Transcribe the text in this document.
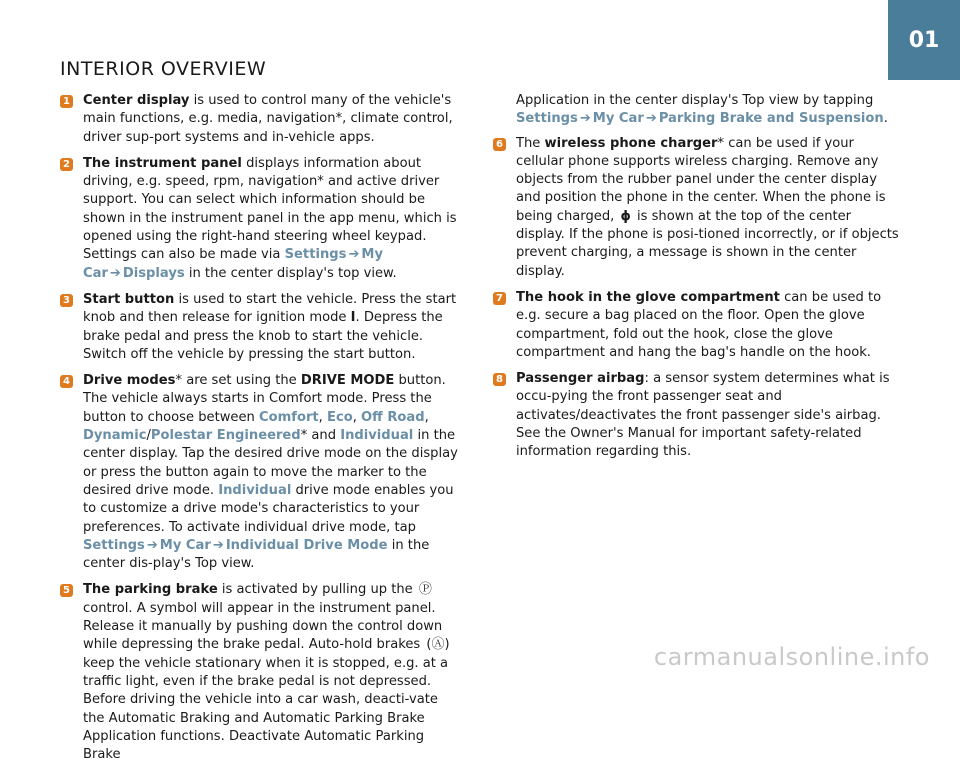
01
INTERIOR OVERVIEW
1 Center display is used to control many of the vehicle's main functions, e.g. media, navigation*, climate control, driver sup-port systems and in-vehicle apps.
2 The instrument panel displays information about driving, e.g. speed, rpm, navigation* and active driver support. You can select which information should be shown in the instrument panel in the app menu, which is opened using the right-hand steering wheel keypad. Settings can also be made via Settings ➔ My Car ➔ Displays in the center display's top view.
3 Start button is used to start the vehicle. Press the start knob and then release for ignition mode I. Depress the brake pedal and press the knob to start the vehicle. Switch off the vehicle by pressing the start button.
4 Drive modes* are set using the DRIVE MODE button. The vehicle always starts in Comfort mode. Press the button to choose between Comfort, Eco, Off Road, Dynamic/Polestar Engineered* and Individual in the center display. Tap the desired drive mode on the display or press the button again to move the marker to the desired drive mode. Individual drive mode enables you to customize a drive mode's characteristics to your preferences. To activate individual drive mode, tap Settings ➔ My Car ➔ Individual Drive Mode in the center dis-play's Top view.
5 The parking brake is activated by pulling up the Ⓟ control. A symbol will appear in the instrument panel. Release it manually by pushing down the control down while depressing the brake pedal. Auto-hold brakes (Ⓐ) keep the vehicle stationary when it is stopped, e.g. at a traffic light, even if the brake pedal is not depressed. Before driving the vehicle into a car wash, deacti-vate the Automatic Braking and Automatic Parking Brake Application functions. Deactivate Automatic Parking Brake
Application in the center display's Top view by tapping
Settings ➔ My Car ➔ Parking Brake and Suspension.
6 The wireless phone charger* can be used if your cellular phone supports wireless charging. Remove any objects from the rubber panel under the center display and position the phone in the center. When the phone is being charged, ϕ is shown at the top of the center display. If the phone is posi-tioned incorrectly, or if objects prevent charging, a message is shown in the center display.
7 The hook in the glove compartment can be used to e.g. secure a bag placed on the floor. Open the glove compartment, fold out the hook, close the glove compartment and hang the bag's handle on the hook.
8 Passenger airbag: a sensor system determines what is occu-pying the front passenger seat and activates/deactivates the front passenger side's airbag. See the Owner's Manual for important safety-related information regarding this.
carmanualsonline.info
